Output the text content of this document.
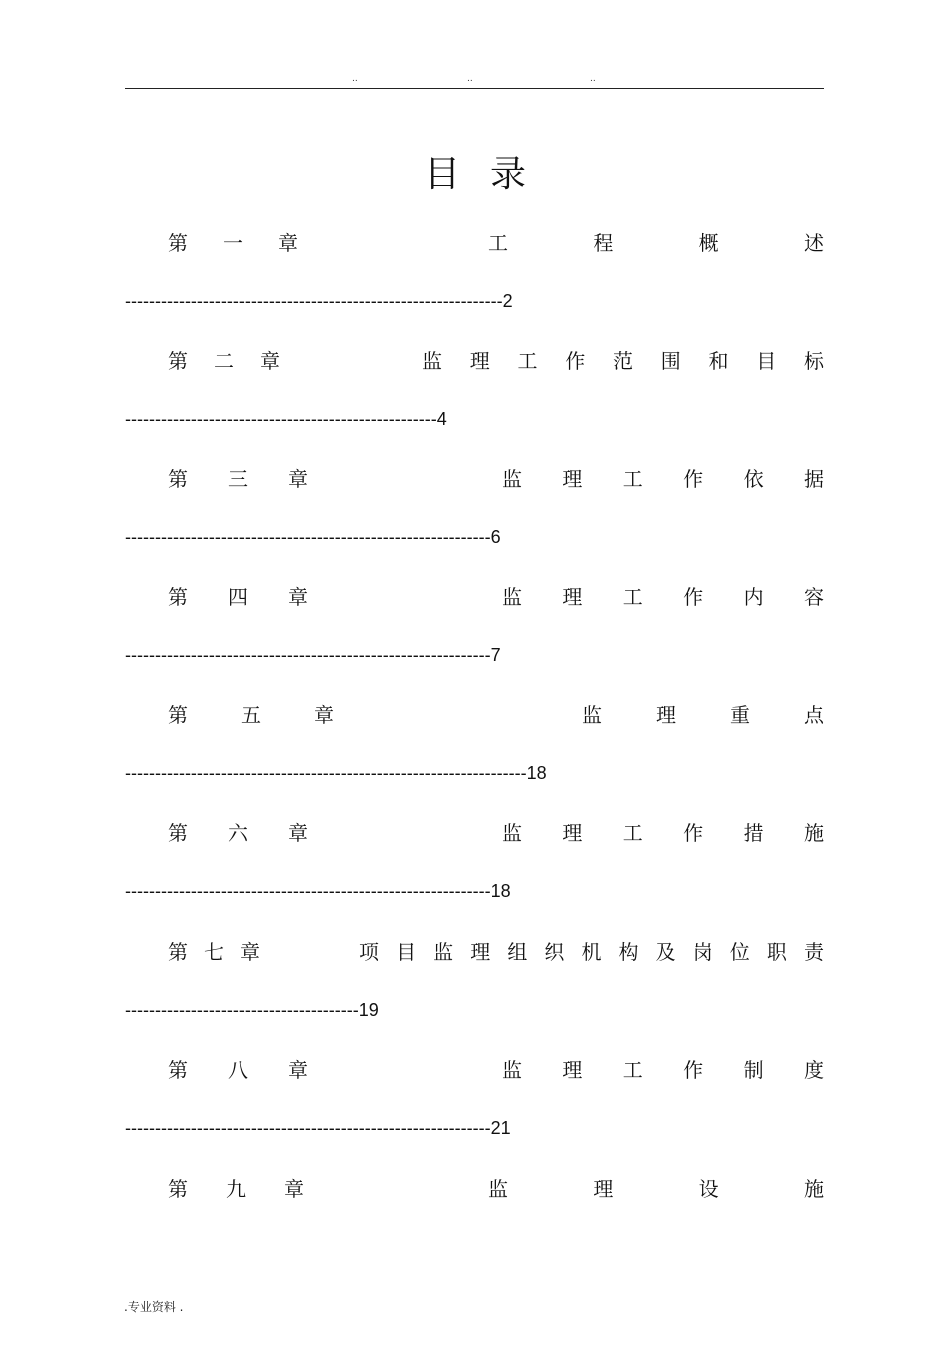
..	..	..
目录
第 一 章	工	程	概	述
---------------------------------------------------------------2
第 二 章	监 理 工 作 范 围 和 目 标
----------------------------------------------------4
第 三 章	监 理 工 作 依 据
-------------------------------------------------------------6
第 四 章	监 理 工 作 内 容
-------------------------------------------------------------7
第	五	章	监	理	重	点
-------------------------------------------------------------------18
第 六 章	监 理 工 作 措 施
-------------------------------------------------------------18
第 七 章	项 目 监 理 组 织 机 构 及 岗 位 职 责
---------------------------------------19
第 八 章	监 理 工 作 制 度
-------------------------------------------------------------21
第 九 章	监	理	设	施
.专业资料 .
